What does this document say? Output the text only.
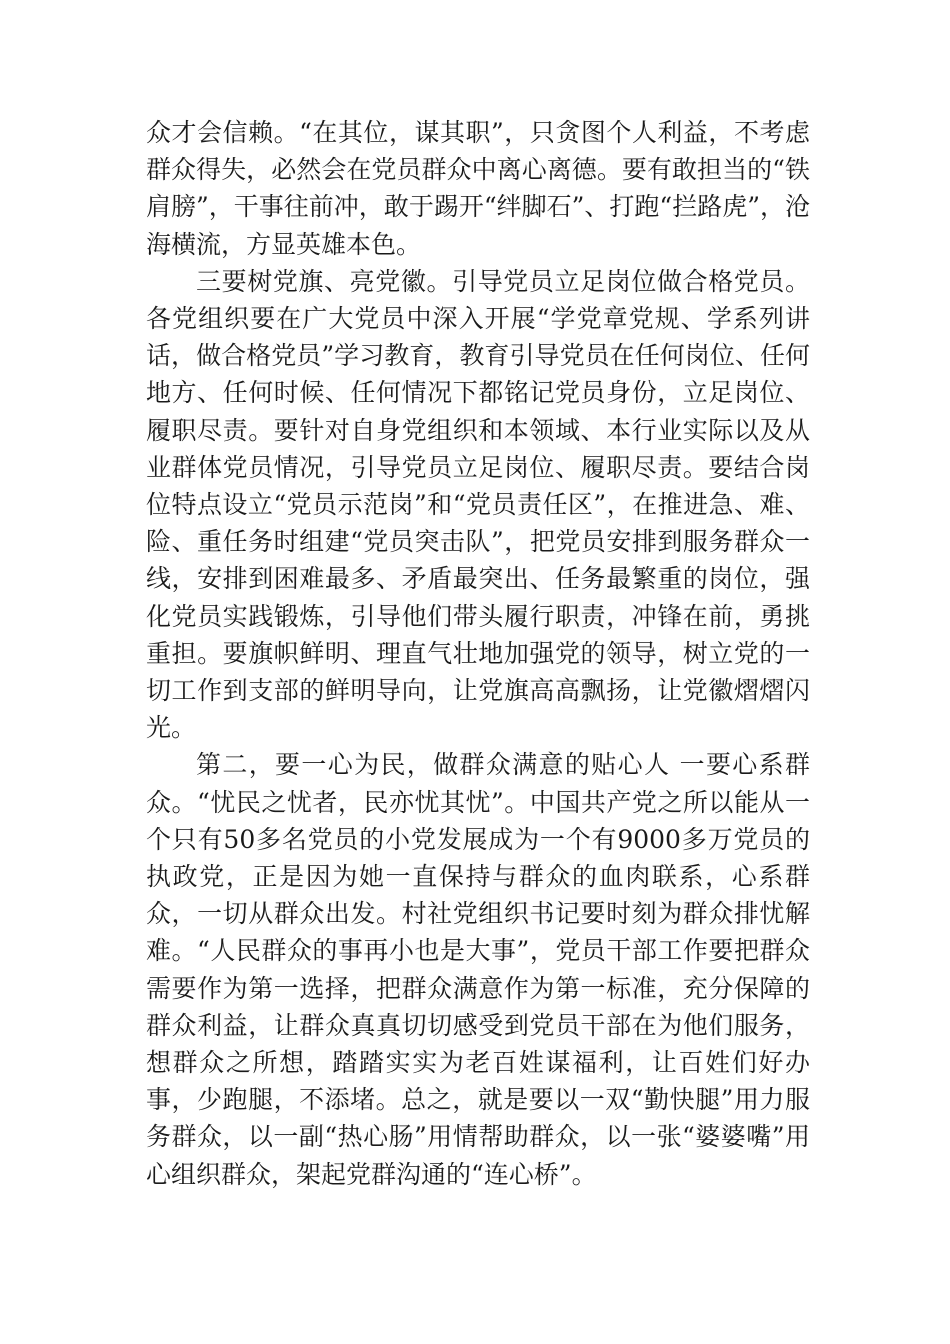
众才会信赖。“在其位，谋其职”，只贪图个人利益，不考虑群众得失，必然会在党员群众中离心离德。要有敢担当的“铁肩膀”，干事往前冲，敢于踢开“绊脚石”、打跑“拦路虎”，沧海横流，方显英雄本色。

三要树党旗、亮党徽。引导党员立足岗位做合格党员。各党组织要在广大党员中深入开展“学党章党规、学系列讲话，做合格党员”学习教育，教育引导党员在任何岗位、任何地方、任何时候、任何情况下都铭记党员身份，立足岗位、履职尽责。要针对自身党组织和本领域、本行业实际以及从业群体党员情况，引导党员立足岗位、履职尽责。要结合岗位特点设立“党员示范岗”和“党员责任区”，在推进急、难、险、重任务时组建“党员突击队”，把党员安排到服务群众一线，安排到困难最多、矛盾最突出、任务最繁重的岗位，强化党员实践锻炼，引导他们带头履行职责，冲锋在前，勇挑重担。要旗帜鲜明、理直气壮地加强党的领导，树立党的一切工作到支部的鲜明导向，让党旗高高飘扬，让党徽熠熠闪光。

第二，要一心为民，做群众满意的贴心人 一要心系群众。“忧民之忧者，民亦忧其忧”。中国共产党之所以能从一个只有50多名党员的小党发展成为一个有9000多万党员的执政党，正是因为她一直保持与群众的血肉联系，心系群众，一切从群众出发。村社党组织书记要时刻为群众排忧解难。“人民群众的事再小也是大事”，党员干部工作要把群众需要作为第一选择，把群众满意作为第一标准，充分保障的群众利益，让群众真真切切感受到党员干部在为他们服务，想群众之所想，踏踏实实为老百姓谋福利，让百姓们好办事，少跑腿，不添堵。总之，就是要以一双“勤快腿”用力服务群众，以一副“热心肠”用情帮助群众，以一张“婆婆嘴”用心组织群众，架起党群沟通的“连心桥”。
